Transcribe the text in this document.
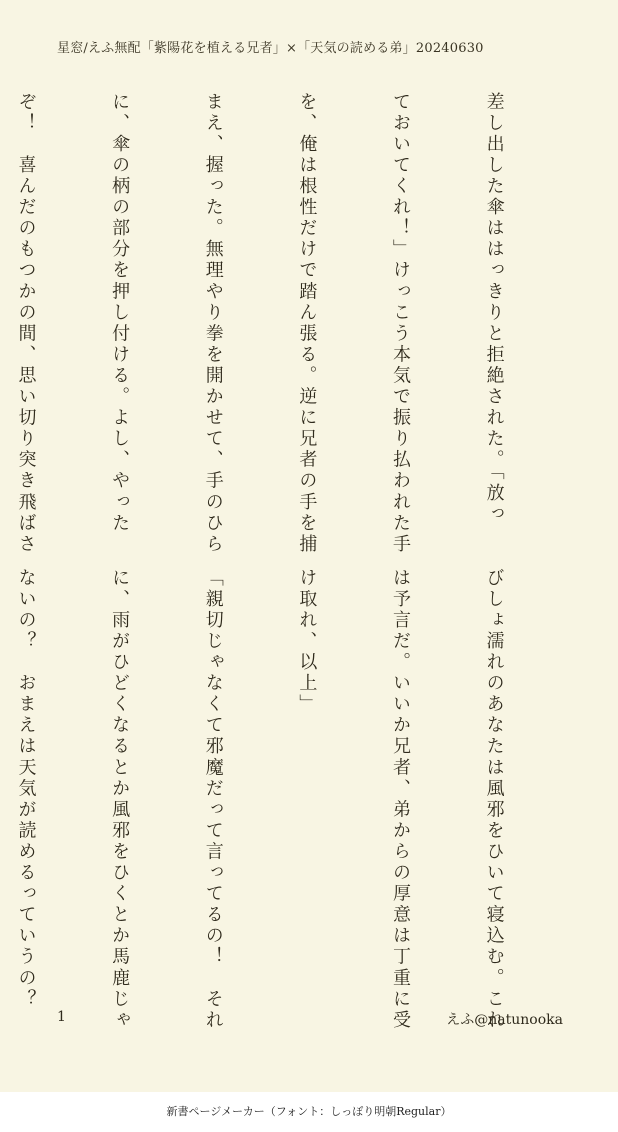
星窓/えふ無配「紫陽花を植える兄者」×「天気の読める弟」20240630

差し出した傘ははっきりと拒絶された。「放っ

ておいてくれ！」けっこう本気で振り払われた手

を、俺は根性だけで踏ん張る。逆に兄者の手を捕

まえ、握った。無理やり拳を開かせて、手のひら

に、傘の柄の部分を押し付ける。よし、やった

ぞ！　喜んだのもつかの間、思い切り突き飛ばさ

びしょ濡れのあなたは風邪をひいて寝込む。これ

は予言だ。いいか兄者、弟からの厚意は丁重に受

け取れ、以上」

「親切じゃなくて邪魔だって言ってるの！　それ

に、雨がひどくなるとか風邪をひくとか馬鹿じゃ

ないの？　おまえは天気が読めるっていうの？

1	えふ@natunooka
新書ページメーカー（フォント：しっぽり明朝Regular）
